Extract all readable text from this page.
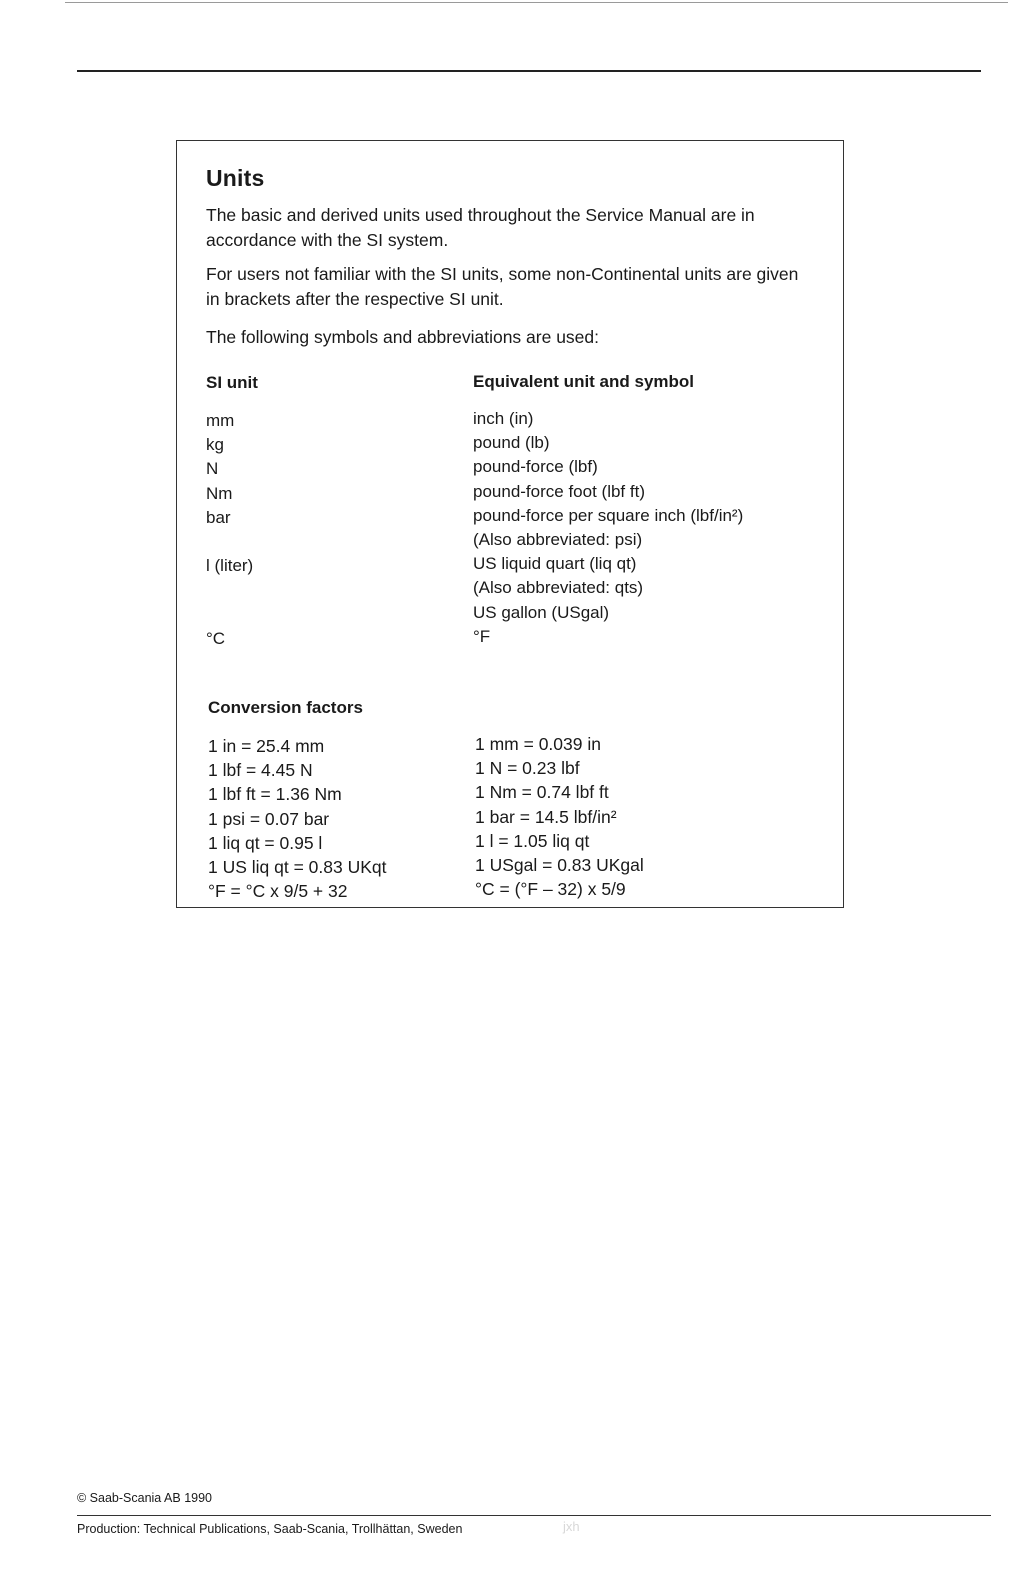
Units

The basic and derived units used throughout the Service Manual are in accordance with the SI system.

For users not familiar with the SI units, some non-Continental units are given in brackets after the respective SI unit.

The following symbols and abbreviations are used:

SI unit	Equivalent unit and symbol
mm
kg
N
Nm
bar
l (liter)
°C
inch (in)
pound (lb)
pound-force (lbf)
pound-force foot (lbf ft)
pound-force per square inch (lbf/in²)
(Also abbreviated: psi)
US liquid quart (liq qt)
(Also abbreviated: qts)
US gallon (USgal)
°F
Conversion factors
1 in = 25.4 mm
1 lbf = 4.45 N
1 lbf ft = 1.36 Nm
1 psi = 0.07 bar
1 liq qt = 0.95 l
1 US liq qt = 0.83 UKqt
°F = °C x 9/5 + 32
1 mm = 0.039 in
1 N = 0.23 lbf
1 Nm = 0.74 lbf ft
1 bar = 14.5 lbf/in²
1 l = 1.05 liq qt
1 USgal = 0.83 UKgal
°C = (°F – 32) x 5/9
© Saab-Scania AB 1990
Production: Technical Publications, Saab-Scania, Trollhättan, Sweden	jxh
